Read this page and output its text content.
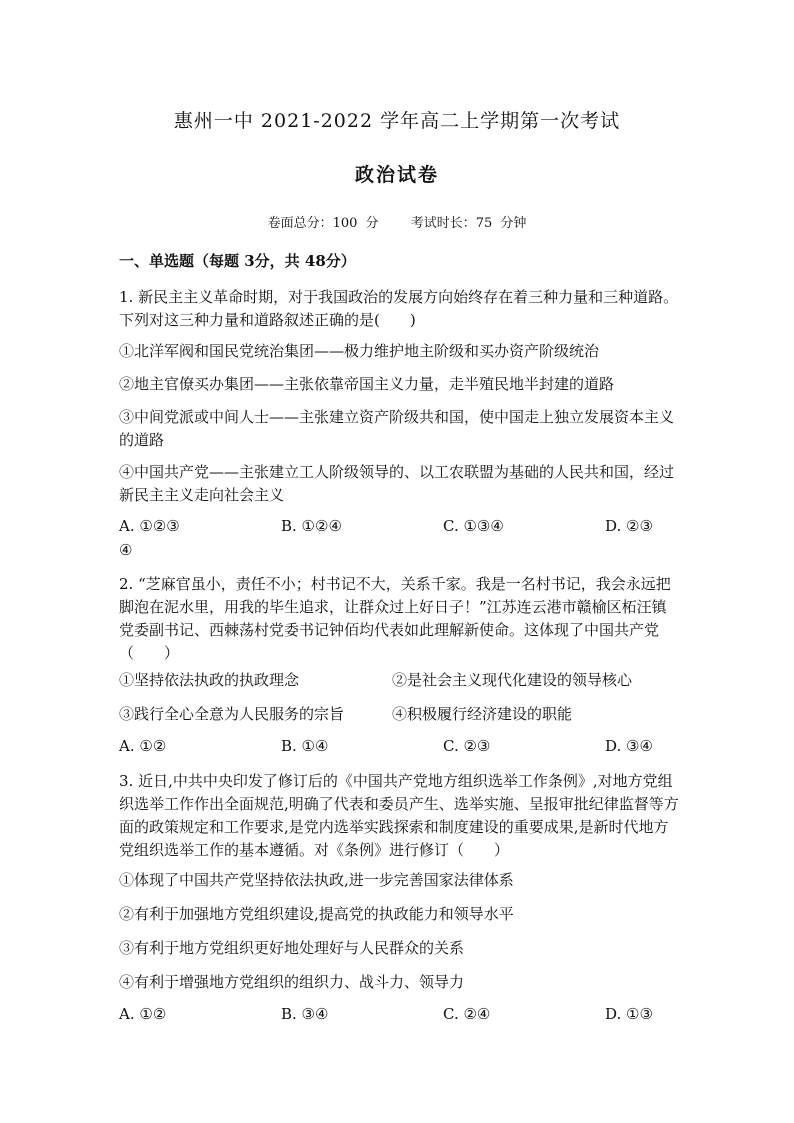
惠州一中 2021-2022 学年高二上学期第一次考试
政治试卷
卷面总分：100 分 考试时长：75 分钟
一、单选题（每题 3分，共 48分）
1. 新民主主义革命时期，对于我国政治的发展方向始终存在着三种力量和三种道路。下列对这三种力量和道路叙述正确的是(　　)
①北洋军阀和国民党统治集团——极力维护地主阶级和买办资产阶级统治
②地主官僚买办集团——主张依靠帝国主义力量，走半殖民地半封建的道路
③中间党派或中间人士——主张建立资产阶级共和国，使中国走上独立发展资本主义的道路
④中国共产党——主张建立工人阶级领导的、以工农联盟为基础的人民共和国，经过新民主主义走向社会主义
A. ①②③	B. ①②④	C. ①③④	D. ②③
④
2. “芝麻官虽小，责任不小；村书记不大，关系千家。我是一名村书记，我会永远把脚泡在泥水里，用我的毕生追求，让群众过上好日子！”江苏连云港市赣榆区柘汪镇党委副书记、西棘荡村党委书记钟佰均代表如此理解新使命。这体现了中国共产党（　　）
①坚持依法执政的执政理念	②是社会主义现代化建设的领导核心
③践行全心全意为人民服务的宗旨	④积极履行经济建设的职能
A. ①②	B. ①④	C. ②③	D. ③④
3. 近日,中共中央印发了修订后的《中国共产党地方组织选举工作条例》,对地方党组织选举工作作出全面规范,明确了代表和委员产生、选举实施、呈报审批纪律监督等方面的政策规定和工作要求,是党内选举实践探索和制度建设的重要成果,是新时代地方党组织选举工作的基本遵循。对《条例》进行修订（　　）
①体现了中国共产党坚持依法执政,进一步完善国家法律体系
②有利于加强地方党组织建设,提高党的执政能力和领导水平
③有利于地方党组织更好地处理好与人民群众的关系
④有利于增强地方党组织的组织力、战斗力、领导力
A. ①②	B. ③④	C. ②④	D. ①③
